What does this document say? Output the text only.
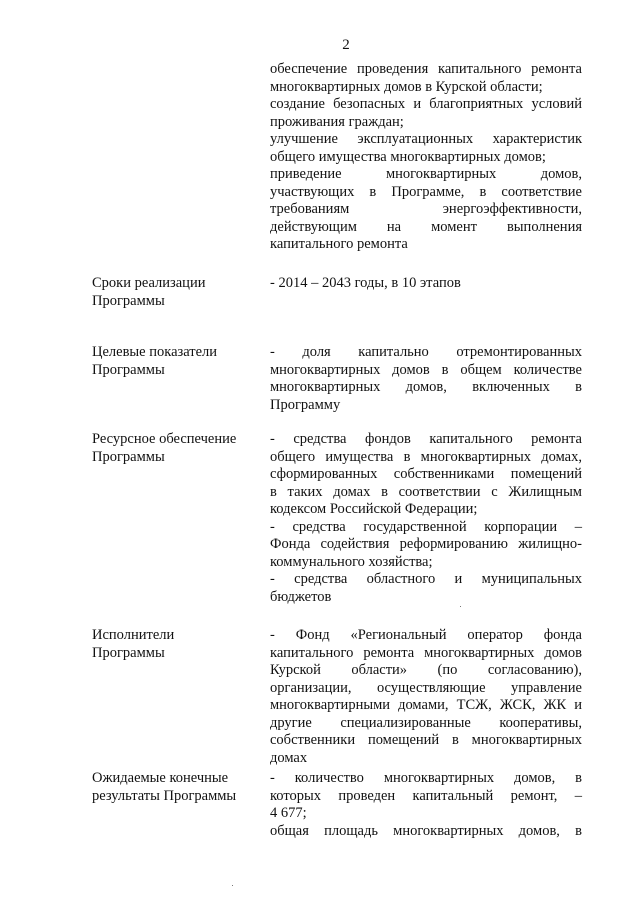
2
обеспечение проведения капитального ремонта
многоквартирных домов в Курской области;
создание безопасных и благоприятных условий
проживания граждан;
улучшение эксплуатационных характеристик
общего имущества многоквартирных домов;
приведение многоквартирных домов,
участвующих в Программе, в соответствие
требованиям энергоэффективности,
действующим на момент выполнения
капитального ремонта
Сроки реализации
Программы
- 2014 – 2043 годы, в 10 этапов
Целевые показатели
Программы
- доля капитально отремонтированных
многоквартирных домов в общем количестве
многоквартирных домов, включенных в
Программу
Ресурсное обеспечение
Программы
- средства фондов капитального ремонта
общего имущества в многоквартирных домах,
сформированных собственниками помещений
в таких домах в соответствии с Жилищным
кодексом Российской Федерации;
- средства государственной корпорации –
Фонда содействия реформированию жилищно-
коммунального хозяйства;
- средства областного и муниципальных
бюджетов
Исполнители
Программы
- Фонд «Региональный оператор фонда
капитального ремонта многоквартирных домов
Курской области» (по согласованию),
организации, осуществляющие управление
многоквартирными домами, ТСЖ, ЖСК, ЖК и
другие специализированные кооперативы,
собственники помещений в многоквартирных
домах
Ожидаемые конечные
результаты Программы
- количество многоквартирных домов, в
которых проведен капитальный ремонт, –
4 677;
общая площадь многоквартирных домов, в
